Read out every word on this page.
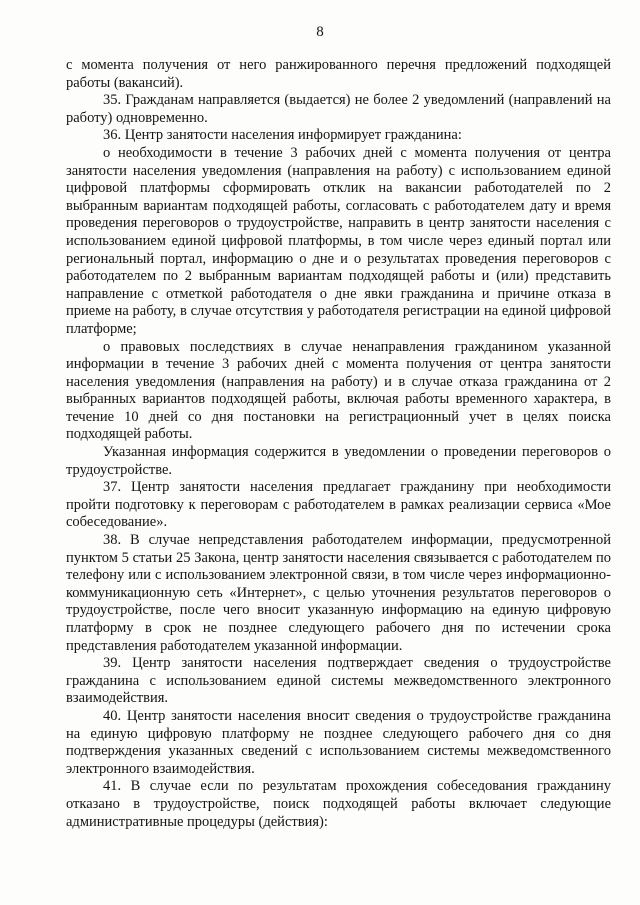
8

с момента получения от него ранжированного перечня предложений подходящей работы (вакансий).

35. Гражданам направляется (выдается) не более 2 уведомлений (направлений на работу) одновременно.

36. Центр занятости населения информирует гражданина:

о необходимости в течение 3 рабочих дней с момента получения от центра занятости населения уведомления (направления на работу) с использованием единой цифровой платформы сформировать отклик на вакансии работодателей по 2 выбранным вариантам подходящей работы, согласовать с работодателем дату и время проведения переговоров о трудоустройстве, направить в центр занятости населения с использованием единой цифровой платформы, в том числе через единый портал или региональный портал, информацию о дне и о результатах проведения переговоров с работодателем по 2 выбранным вариантам подходящей работы и (или) представить направление с отметкой работодателя о дне явки гражданина и причине отказа в приеме на работу, в случае отсутствия у работодателя регистрации на единой цифровой платформе;

о правовых последствиях в случае ненаправления гражданином указанной информации в течение 3 рабочих дней с момента получения от центра занятости населения уведомления (направления на работу) и в случае отказа гражданина от 2 выбранных вариантов подходящей работы, включая работы временного характера, в течение 10 дней со дня постановки на регистрационный учет в целях поиска подходящей работы.

Указанная информация содержится в уведомлении о проведении переговоров о трудоустройстве.

37. Центр занятости населения предлагает гражданину при необходимости пройти подготовку к переговорам с работодателем в рамках реализации сервиса «Мое собеседование».

38. В случае непредставления работодателем информации, предусмотренной пунктом 5 статьи 25 Закона, центр занятости населения связывается с работодателем по телефону или с использованием электронной связи, в том числе через информационно-коммуникационную сеть «Интернет», с целью уточнения результатов переговоров о трудоустройстве, после чего вносит указанную информацию на единую цифровую платформу в срок не позднее следующего рабочего дня по истечении срока представления работодателем указанной информации.

39. Центр занятости населения подтверждает сведения о трудоустройстве гражданина с использованием единой системы межведомственного электронного взаимодействия.

40. Центр занятости населения вносит сведения о трудоустройстве гражданина на единую цифровую платформу не позднее следующего рабочего дня со дня подтверждения указанных сведений с использованием системы межведомственного электронного взаимодействия.

41. В случае если по результатам прохождения собеседования гражданину отказано в трудоустройстве, поиск подходящей работы включает следующие административные процедуры (действия):
